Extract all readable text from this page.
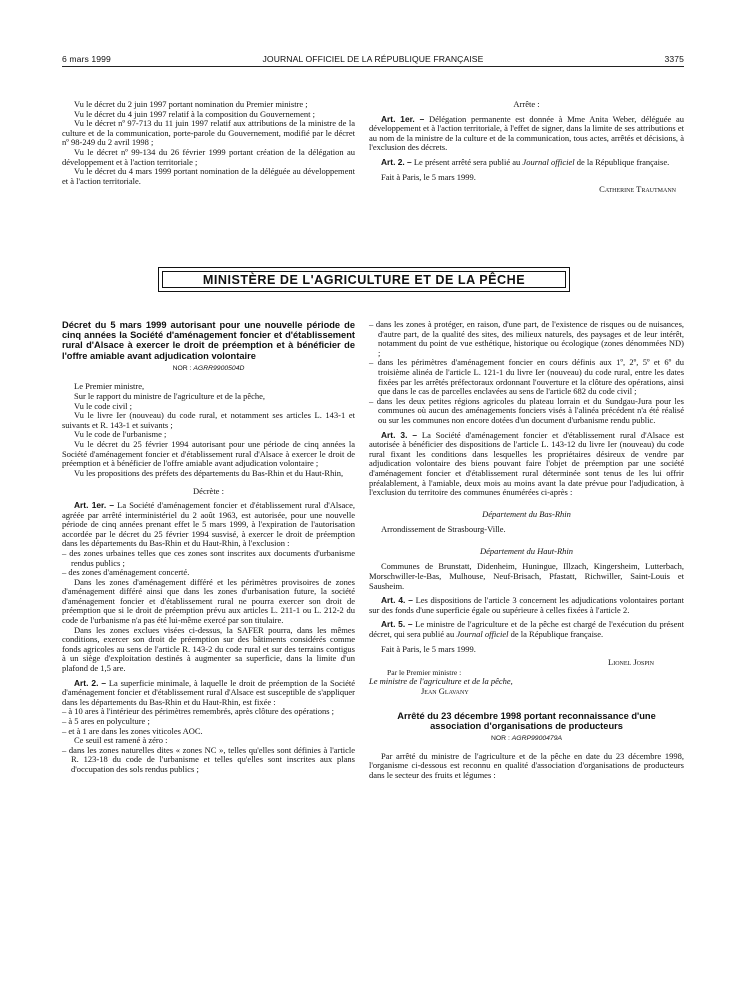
6 mars 1999	JOURNAL OFFICIEL DE LA RÉPUBLIQUE FRANÇAISE	3375

Vu le décret du 2 juin 1997 portant nomination du Premier ministre ;

Vu le décret du 4 juin 1997 relatif à la composition du Gouvernement ;

Vu le décret nº 97-713 du 11 juin 1997 relatif aux attributions de la ministre de la culture et de la communication, porte-parole du Gouvernement, modifié par le décret nº 98-249 du 2 avril 1998 ;

Vu le décret nº 99-134 du 26 février 1999 portant création de la délégation au développement et à l'action territoriale ;

Vu le décret du 4 mars 1999 portant nomination de la déléguée au développement et à l'action territoriale.

Arrête :

Art. 1er. – Délégation permanente est donnée à Mme Anita Weber, déléguée au développement et à l'action territoriale, à l'effet de signer, dans la limite de ses attributions et au nom de la ministre de la culture et de la communication, tous actes, arrêtés et décisions, à l'exclusion des décrets.

Art. 2. – Le présent arrêté sera publié au Journal officiel de la République française.

Fait à Paris, le 5 mars 1999.

Catherine Trautmann

MINISTÈRE DE L'AGRICULTURE ET DE LA PÊCHE

Décret du 5 mars 1999 autorisant pour une nouvelle période de cinq années la Société d'aménagement foncier et d'établissement rural d'Alsace à exercer le droit de préemption et à bénéficier de l'offre amiable avant adjudication volontaire

NOR : AGRR9900504D

Le Premier ministre,

Sur le rapport du ministre de l'agriculture et de la pêche,

Vu le code civil ;

Vu le livre Ier (nouveau) du code rural, et notamment ses articles L. 143-1 et suivants et R. 143-1 et suivants ;

Vu le code de l'urbanisme ;

Vu le décret du 25 février 1994 autorisant pour une période de cinq années la Société d'aménagement foncier et d'établissement rural d'Alsace à exercer le droit de préemption et à bénéficier de l'offre amiable avant adjudication volontaire ;

Vu les propositions des préfets des départements du Bas-Rhin et du Haut-Rhin,

Décrète :

Art. 1er. – La Société d'aménagement foncier et d'établissement rural d'Alsace, agréée par arrêté interministériel du 2 août 1963, est autorisée, pour une nouvelle période de cinq années prenant effet le 5 mars 1999, à l'expiration de l'autorisation accordée par le décret du 25 février 1994 susvisé, à exercer le droit de préemption dans les départements du Bas-Rhin et du Haut-Rhin, à l'exclusion :

– des zones urbaines telles que ces zones sont inscrites aux documents d'urbanisme rendus publics ;

– des zones d'aménagement concerté.

Dans les zones d'aménagement différé et les périmètres provisoires de zones d'aménagement différé ainsi que dans les zones d'urbanisation future, la société d'aménagement foncier et d'établissement rural ne pourra exercer son droit de préemption que si le droit de préemption prévu aux articles L. 211-1 ou L. 212-2 du code de l'urbanisme n'a pas été lui-même exercé par son titulaire.

Dans les zones exclues visées ci-dessus, la SAFER pourra, dans les mêmes conditions, exercer son droit de préemption sur des bâtiments considérés comme fonds agricoles au sens de l'article R. 143-2 du code rural et sur des terrains contigus à un siège d'exploitation destinés à augmenter sa superficie, dans la limite d'un plafond de 1,5 are.

Art. 2. – La superficie minimale, à laquelle le droit de préemption de la Société d'aménagement foncier et d'établissement rural d'Alsace est susceptible de s'appliquer dans les départements du Bas-Rhin et du Haut-Rhin, est fixée :

– à 10 ares à l'intérieur des périmètres remembrés, après clôture des opérations ;

– à 5 ares en polyculture ;

– et à 1 are dans les zones viticoles AOC.

Ce seuil est ramené à zéro :

– dans les zones naturelles dites « zones NC », telles qu'elles sont définies à l'article R. 123-18 du code de l'urbanisme et telles qu'elles sont inscrites aux plans d'occupation des sols rendus publics ;

– dans les zones à protéger, en raison, d'une part, de l'existence de risques ou de nuisances, d'autre part, de la qualité des sites, des milieux naturels, des paysages et de leur intérêt, notamment du point de vue esthétique, historique ou écologique (zones dénommées ND) ;

– dans les périmètres d'aménagement foncier en cours définis aux 1º, 2º, 5º et 6º du troisième alinéa de l'article L. 121-1 du livre Ier (nouveau) du code rural, entre les dates fixées par les arrêtés préfectoraux ordonnant l'ouverture et la clôture des opérations, ainsi que dans le cas de parcelles enclavées au sens de l'article 682 du code civil ;

– dans les deux petites régions agricoles du plateau lorrain et du Sundgau-Jura pour les communes où aucun des aménagements fonciers visés à l'alinéa précédent n'a été réalisé ou sur les communes non encore dotées d'un document d'urbanisme rendu public.

Art. 3. – La Société d'aménagement foncier et d'établissement rural d'Alsace est autorisée à bénéficier des dispositions de l'article L. 143-12 du livre Ier (nouveau) du code rural fixant les conditions dans lesquelles les propriétaires désireux de vendre par adjudication volontaire des biens pouvant faire l'objet de préemption par une société d'aménagement foncier et d'établissement rural déterminée sont tenus de les lui offrir préalablement, à l'amiable, deux mois au moins avant la date prévue pour l'adjudication, à l'exclusion du territoire des communes énumérées ci-après :

Département du Bas-Rhin

Arrondissement de Strasbourg-Ville.

Département du Haut-Rhin

Communes de Brunstatt, Didenheim, Huningue, Illzach, Kingersheim, Lutterbach, Morschwiller-le-Bas, Mulhouse, Neuf-Brisach, Pfastatt, Richwiller, Saint-Louis et Sausheim.

Art. 4. – Les dispositions de l'article 3 concernent les adjudications volontaires portant sur des fonds d'une superficie égale ou supérieure à celles fixées à l'article 2.

Art. 5. – Le ministre de l'agriculture et de la pêche est chargé de l'exécution du présent décret, qui sera publié au Journal officiel de la République française.

Fait à Paris, le 5 mars 1999.

Lionel Jospin

Par le Premier ministre :

Le ministre de l'agriculture et de la pêche,

Jean Glavany

Arrêté du 23 décembre 1998 portant reconnaissance d'une association d'organisations de producteurs

NOR : AGRP9900479A

Par arrêté du ministre de l'agriculture et de la pêche en date du 23 décembre 1998, l'organisme ci-dessous est reconnu en qualité d'association d'organisations de producteurs dans le secteur des fruits et légumes :
